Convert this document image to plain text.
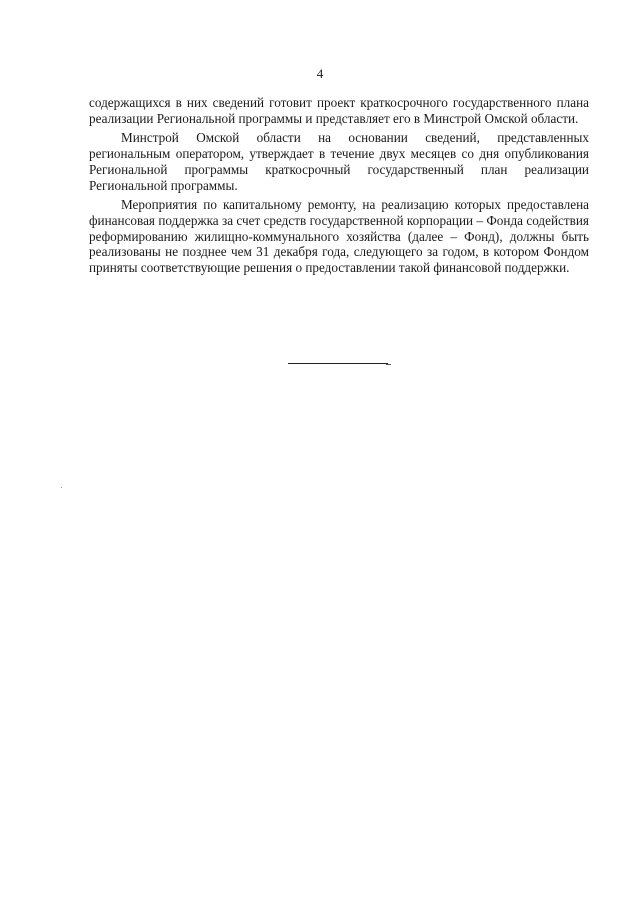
4

содержащихся в них сведений готовит проект краткосрочного государственного плана реализации Региональной программы и представляет его в Минстрой Омской области.

Минстрой Омской области на основании сведений, представленных региональным оператором, утверждает в течение двух месяцев со дня опубликования Региональной программы краткосрочный государственный план реализации Региональной программы.

Мероприятия по капитальному ремонту, на реализацию которых предоставлена финансовая поддержка за счет средств государственной корпорации – Фонда содействия реформированию жилищно-коммунального хозяйства (далее – Фонд), должны быть реализованы не позднее чем 31 декабря года, следующего за годом, в котором Фондом приняты соответствующие решения о предоставлении такой финансовой поддержки.
